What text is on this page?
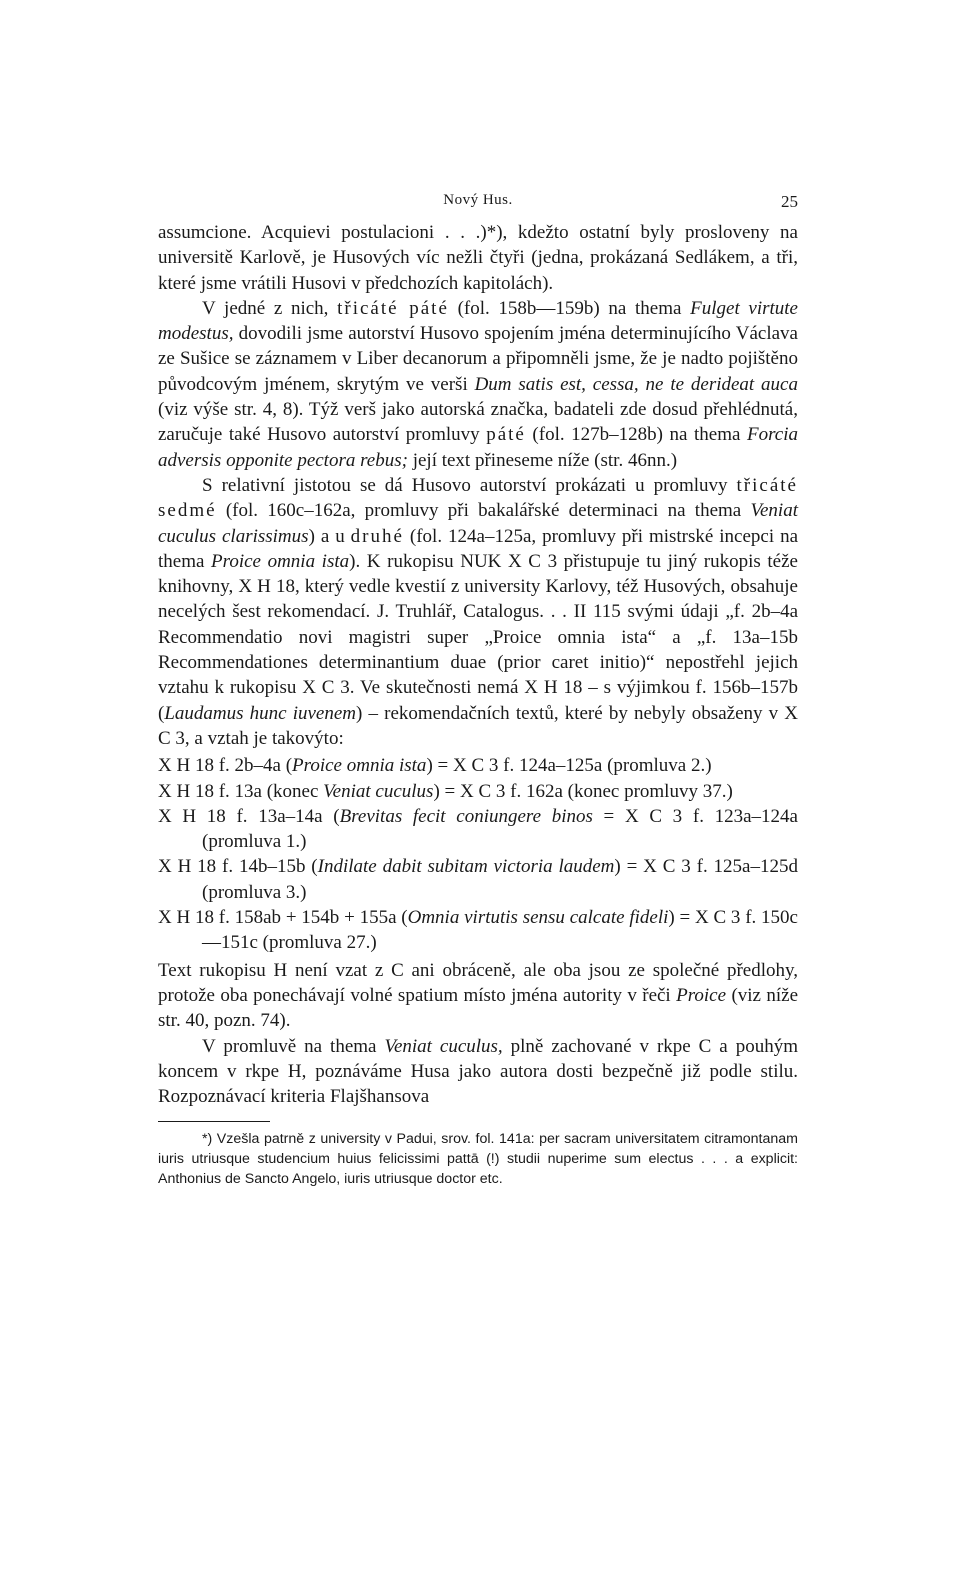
Nový Hus.	25

assumcione. Acquievi postulacioni . . .)*), kdežto ostatní byly prosloveny na universitě Karlově, je Husových víc nežli čtyři (jedna, prokázaná Sedlákem, a tři, které jsme vrátili Husovi v předchozích kapitolách).

V jedné z nich, třicáté páté (fol. 158b—159b) na thema Fulget virtute modestus, dovodili jsme autorství Husovo spojením jména determinujícího Václava ze Sušice se záznamem v Liber decanorum a připomněli jsme, že je nadto pojištěno původcovým jménem, skrytým ve verši Dum satis est, cessa, ne te derideat auca (viz výše str. 4, 8). Týž verš jako autorská značka, badateli zde dosud přehlédnutá, zaručuje také Husovo autorství promluvy páté (fol. 127b–128b) na thema Forcia adversis opponite pectora rebus; její text přineseme níže (str. 46nn.)

S relativní jistotou se dá Husovo autorství prokázati u promluvy třicáté sedmé (fol. 160c–162a, promluvy při bakalářské determinaci na thema Veniat cuculus clarissimus) a u druhé (fol. 124a–125a, promluvy při mistrské incepci na thema Proice omnia ista). K rukopisu NUK X C 3 přistupuje tu jiný rukopis téže knihovny, X H 18, který vedle kvestií z university Karlovy, též Husových, obsahuje necelých šest rekomendací. J. Truhlář, Catalogus. . . II 115 svými údaji „f. 2b–4a Recommendatio novi magistri super „Proice omnia ista“ a „f. 13a–15b Recommendationes determinantium duae (prior caret initio)“ nepostřehl jejich vztahu k rukopisu X C 3. Ve skutečnosti nemá X H 18 – s výjimkou f. 156b–157b (Laudamus hunc iuvenem) – rekomendačních textů, které by nebyly obsaženy v X C 3, a vztah je takovýto:

X H 18 f. 2b–4a (Proice omnia ista) = X C 3 f. 124a–125a (promluva 2.)

X H 18 f. 13a (konec Veniat cuculus) = X C 3 f. 162a (konec promluvy 37.)

X H 18 f. 13a–14a (Brevitas fecit coniungere binos = X C 3 f. 123a–124a (promluva 1.)

X H 18 f. 14b–15b (Indilate dabit subitam victoria laudem) = X C 3 f. 125a–125d (promluva 3.)

X H 18 f. 158ab + 154b + 155a (Omnia virtutis sensu calcate fideli) = X C 3 f. 150c—151c (promluva 27.)

Text rukopisu H není vzat z C ani obráceně, ale oba jsou ze společné předlohy, protože oba ponechávají volné spatium místo jména autority v řeči Proice (viz níže str. 40, pozn. 74).

V promluvě na thema Veniat cuculus, plně zachované v rkpe C a pouhým koncem v rkpe H, poznáváme Husa jako autora dosti bezpečně již podle stilu. Rozpoznávací kriteria Flajšhansova

*) Vzešla patrně z university v Padui, srov. fol. 141a: per sacram universitatem citramontanam iuris utriusque studencium huius felicissimi pattā (!) studii nuperime sum electus . . . a explicit: Anthonius de Sancto Angelo, iuris utriusque doctor etc.
